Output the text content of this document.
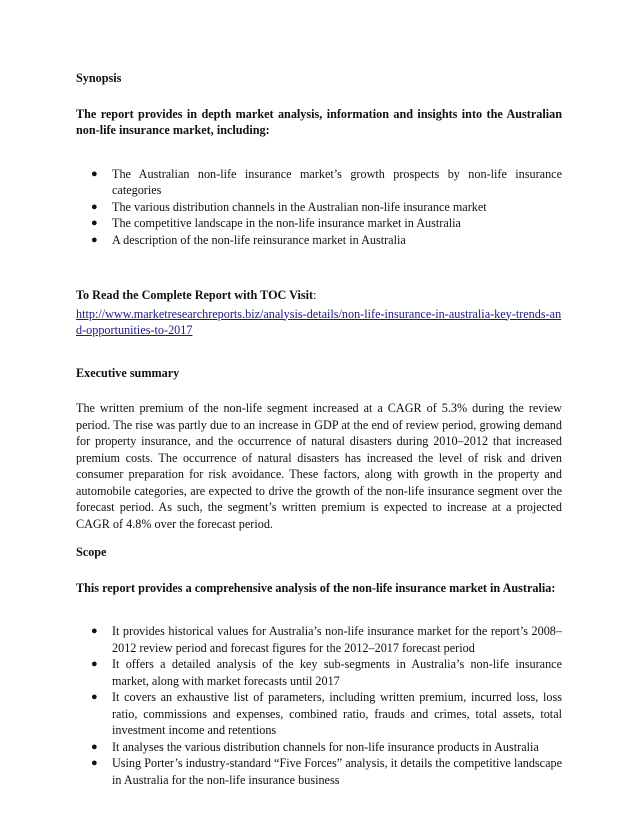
Synopsis

The report provides in depth market analysis, information and insights into the Australian non-life insurance market, including:

● The Australian non-life insurance market’s growth prospects by non-life insurance categories
● The various distribution channels in the Australian non-life insurance market
● The competitive landscape in the non-life insurance market in Australia
● A description of the non-life reinsurance market in Australia

To Read the Complete Report with TOC Visit:

http://www.marketresearchreports.biz/analysis-details/non-life-insurance-in-australia-key-trends-and-opportunities-to-2017

Executive summary

The written premium of the non-life segment increased at a CAGR of 5.3% during the review period. The rise was partly due to an increase in GDP at the end of review period, growing demand for property insurance, and the occurrence of natural disasters during 2010–2012 that increased premium costs. The occurrence of natural disasters has increased the level of risk and driven consumer preparation for risk avoidance. These factors, along with growth in the property and automobile categories, are expected to drive the growth of the non-life insurance segment over the forecast period. As such, the segment’s written premium is expected to increase at a projected CAGR of 4.8% over the forecast period.

Scope

This report provides a comprehensive analysis of the non-life insurance market in Australia:

● It provides historical values for Australia’s non-life insurance market for the report’s 2008–2012 review period and forecast figures for the 2012–2017 forecast period
● It offers a detailed analysis of the key sub-segments in Australia’s non-life insurance market, along with market forecasts until 2017
● It covers an exhaustive list of parameters, including written premium, incurred loss, loss ratio, commissions and expenses, combined ratio, frauds and crimes, total assets, total investment income and retentions
● It analyses the various distribution channels for non-life insurance products in Australia
● Using Porter’s industry-standard “Five Forces” analysis, it details the competitive landscape in Australia for the non-life insurance business
